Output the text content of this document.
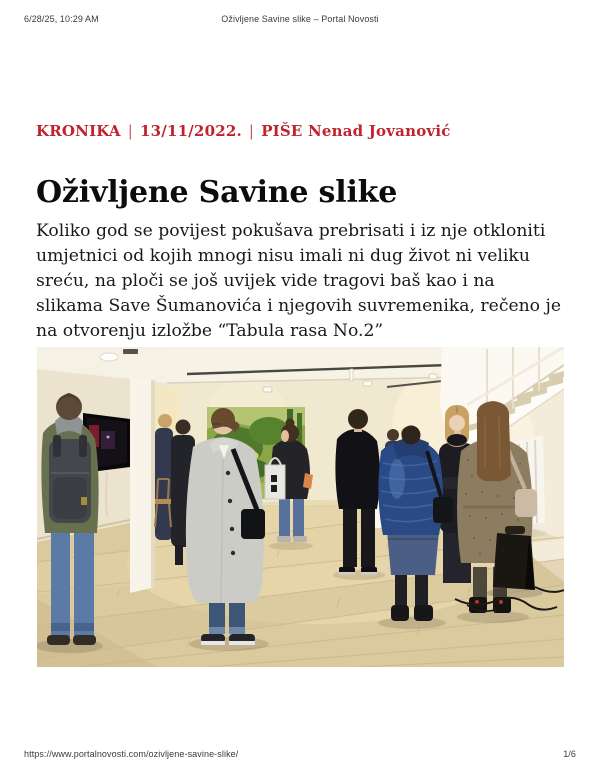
6/28/25, 10:29 AM	Oživljene Savine slike – Portal Novosti
KRONIKA | 13/11/2022. | PIŠE Nenad Jovanović
Oživljene Savine slike

Koliko god se povijest pokušava prebrisati i iz nje otkloniti umjetnici od kojih mnogi nisu imali ni dug život ni veliku sreću, na ploči se još uvijek vide tragovi baš kao i na slikama Save Šumanovića i njegovih suvremenika, rečeno je na otvorenju izložbe “Tabula rasa No.2”

https://www.portalnovosti.com/ozivljene-savine-slike/	1/6
